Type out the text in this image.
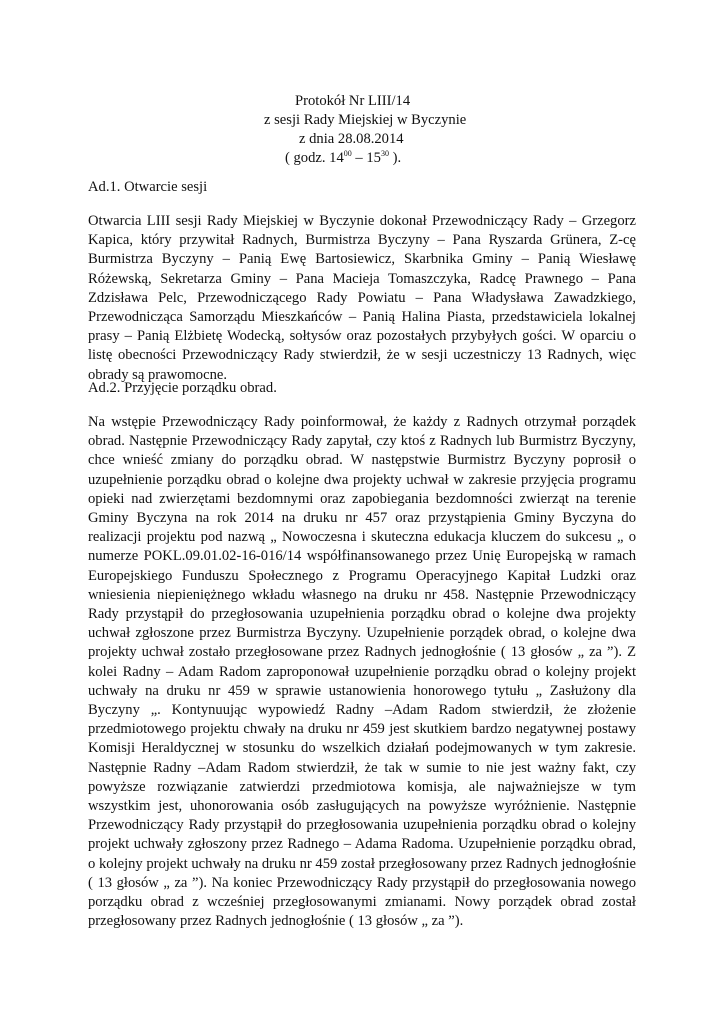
Protokół Nr LIII/14
z sesji Rady Miejskiej w Byczynie
z dnia 28.08.2014
( godz. $14^{00} - 15^{30}$ ).
Ad.1. Otwarcie sesji

Otwarcia LIII sesji Rady Miejskiej w Byczynie dokonał Przewodniczący Rady – Grzegorz Kapica, który przywitał Radnych, Burmistrza Byczyny – Pana Ryszarda Grünera, Z-cę Burmistrza Byczyny – Panią Ewę Bartosiewicz, Skarbnika Gminy – Panią Wiesławę Różewską, Sekretarza Gminy – Pana Macieja Tomaszczyka, Radcę Prawnego – Pana Zdzisława Pelc, Przewodniczącego Rady Powiatu – Pana Władysława Zawadzkiego, Przewodnicząca Samorządu Mieszkańców – Panią Halina Piasta, przedstawiciela lokalnej prasy – Panią Elżbietę Wodecką, sołtysów oraz pozostałych przybyłych gości. W oparciu o listę obecności Przewodniczący Rady stwierdził, że w sesji uczestniczy 13 Radnych, więc obrady są prawomocne.

Ad.2. Przyjęcie porządku obrad.

Na wstępie Przewodniczący Rady poinformował, że każdy z Radnych otrzymał porządek obrad. Następnie Przewodniczący Rady zapytał, czy ktoś z Radnych lub Burmistrz Byczyny, chce wnieść zmiany do porządku obrad. W następstwie Burmistrz Byczyny poprosił o uzupełnienie porządku obrad o kolejne dwa projekty uchwał w zakresie przyjęcia programu opieki nad zwierzętami bezdomnymi oraz zapobiegania bezdomności zwierząt na terenie Gminy Byczyna na rok 2014 na druku nr 457 oraz przystąpienia Gminy Byczyna do realizacji projektu pod nazwą „ Nowoczesna i skuteczna edukacja kluczem do sukcesu „ o numerze POKL.09.01.02-16-016/14 współfinansowanego przez Unię Europejską w ramach Europejskiego Funduszu Społecznego z Programu Operacyjnego Kapitał Ludzki oraz wniesienia niepieniężnego wkładu własnego na druku nr 458. Następnie Przewodniczący Rady przystąpił do przegłosowania uzupełnienia porządku obrad o kolejne dwa projekty uchwał zgłoszone przez Burmistrza Byczyny. Uzupełnienie porządek obrad, o kolejne dwa projekty uchwał zostało przegłosowane przez Radnych jednogłośnie ( 13 głosów „ za ”). Z kolei Radny – Adam Radom zaproponował uzupełnienie porządku obrad o kolejny projekt uchwały na druku nr 459 w sprawie ustanowienia honorowego tytułu „ Zasłużony dla Byczyny „. Kontynuując wypowiedź Radny –Adam Radom stwierdził, że złożenie przedmiotowego projektu chwały na druku nr 459 jest skutkiem bardzo negatywnej postawy Komisji Heraldycznej w stosunku do wszelkich działań podejmowanych w tym zakresie. Następnie Radny –Adam Radom stwierdził, że tak w sumie to nie jest ważny fakt, czy powyższe rozwiązanie zatwierdzi przedmiotowa komisja, ale najważniejsze w tym wszystkim jest, uhonorowania osób zasługujących na powyższe wyróżnienie. Następnie Przewodniczący Rady przystąpił do przegłosowania uzupełnienia porządku obrad o kolejny projekt uchwały zgłoszony przez Radnego – Adama Radoma. Uzupełnienie porządku obrad, o kolejny projekt uchwały na druku nr 459 został przegłosowany przez Radnych jednogłośnie ( 13 głosów „ za ”). Na koniec Przewodniczący Rady przystąpił do przegłosowania nowego porządku obrad z wcześniej przegłosowanymi zmianami. Nowy porządek obrad został przegłosowany przez Radnych jednogłośnie ( 13 głosów „ za ”).
